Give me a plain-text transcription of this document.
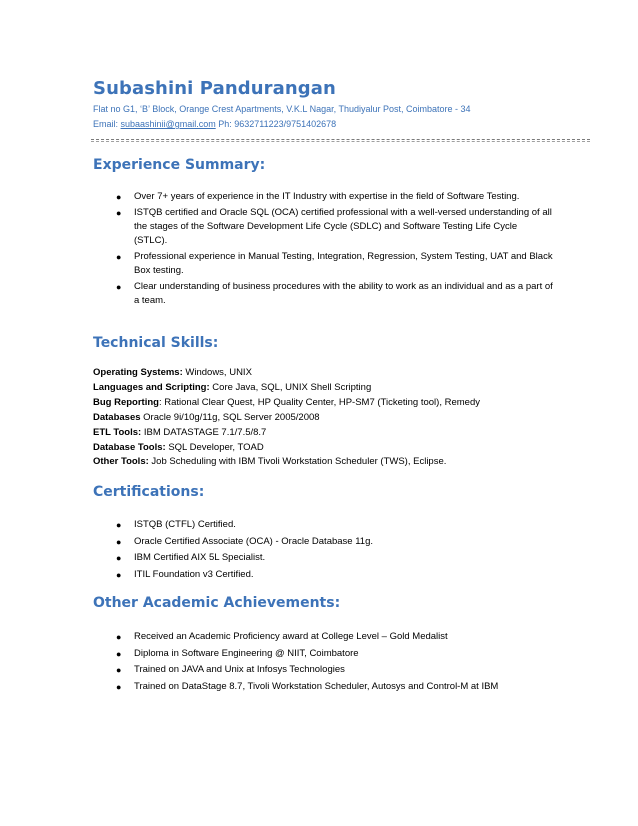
Subashini Pandurangan
Flat no G1, ‘B’ Block, Orange Crest Apartments, V.K.L Nagar, Thudiyalur Post, Coimbatore - 34
Email: subaashinii@gmail.com Ph: 9632711223/9751402678
Experience Summary:
● Over 7+ years of experience in the IT Industry with expertise in the field of Software Testing.
● ISTQB certified and Oracle SQL (OCA) certified professional with a well-versed understanding of all the stages of the Software Development Life Cycle (SDLC) and Software Testing Life Cycle (STLC).
● Professional experience in Manual Testing, Integration, Regression, System Testing, UAT and Black Box testing.
● Clear understanding of business procedures with the ability to work as an individual and as a part of a team.
Technical Skills:
Operating Systems: Windows, UNIX
Languages and Scripting: Core Java, SQL, UNIX Shell Scripting
Bug Reporting: Rational Clear Quest, HP Quality Center, HP-SM7 (Ticketing tool), Remedy
Databases Oracle 9i/10g/11g, SQL Server 2005/2008
ETL Tools: IBM DATASTAGE 7.1/7.5/8.7
Database Tools: SQL Developer, TOAD
Other Tools: Job Scheduling with IBM Tivoli Workstation Scheduler (TWS), Eclipse.
Certifications:
● ISTQB (CTFL) Certified.
● Oracle Certified Associate (OCA) - Oracle Database 11g.
● IBM Certified AIX 5L Specialist.
● ITIL Foundation v3 Certified.
Other Academic Achievements:
● Received an Academic Proficiency award at College Level – Gold Medalist
● Diploma in Software Engineering @ NIIT, Coimbatore
● Trained on JAVA and Unix at Infosys Technologies
● Trained on DataStage 8.7, Tivoli Workstation Scheduler, Autosys and Control-M at IBM
